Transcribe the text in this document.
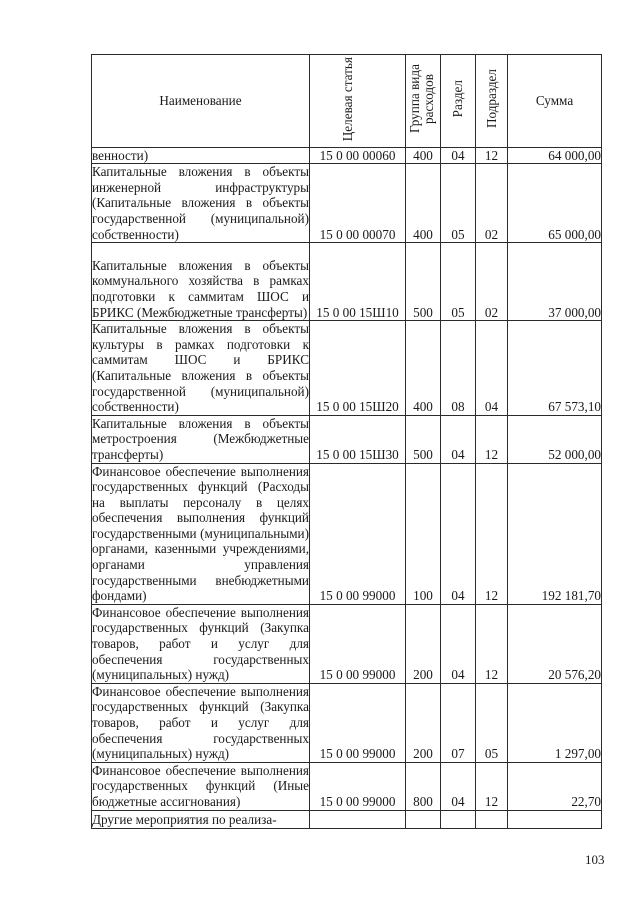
Наименование	Целевая статья	Группа вида расходов	Раздел	Подраздел	Сумма
венности)	15 0 00 00060	400	04	12	64 000,00
Капитальные вложения в объекты инженерной инфраструктуры (Капитальные вложения в объекты государственной (муниципальной) собственности)	15 0 00 00070	400	05	02	65 000,00
Капитальные вложения в объекты коммунального хозяйства в рамках подготовки к саммитам ШОС и БРИКС (Межбюджетные трансферты)	15 0 00 15Ш10	500	05	02	37 000,00
Капитальные вложения в объекты культуры в рамках подготовки к саммитам ШОС и БРИКС (Капитальные вложения в объекты государственной (муниципальной) собственности)	15 0 00 15Ш20	400	08	04	67 573,10
Капитальные вложения в объекты метростроения (Межбюджетные трансферты)	15 0 00 15Ш30	500	04	12	52 000,00
Финансовое обеспечение выполнения государственных функций (Расходы на выплаты персоналу в целях обеспечения выполнения функций государственными (муниципальными) органами, казенными учреждениями, органами управления государственными внебюджетными фондами)	15 0 00 99000	100	04	12	192 181,70
Финансовое обеспечение выполнения государственных функций (Закупка товаров, работ и услуг для обеспечения государственных (муниципальных) нужд)	15 0 00 99000	200	04	12	20 576,20
Финансовое обеспечение выполнения государственных функций (Закупка товаров, работ и услуг для обеспечения государственных (муниципальных) нужд)	15 0 00 99000	200	07	05	1 297,00
Финансовое обеспечение выполнения государственных функций (Иные бюджетные ассигнования)	15 0 00 99000	800	04	12	22,70
Другие мероприятия по реализа-					
103
